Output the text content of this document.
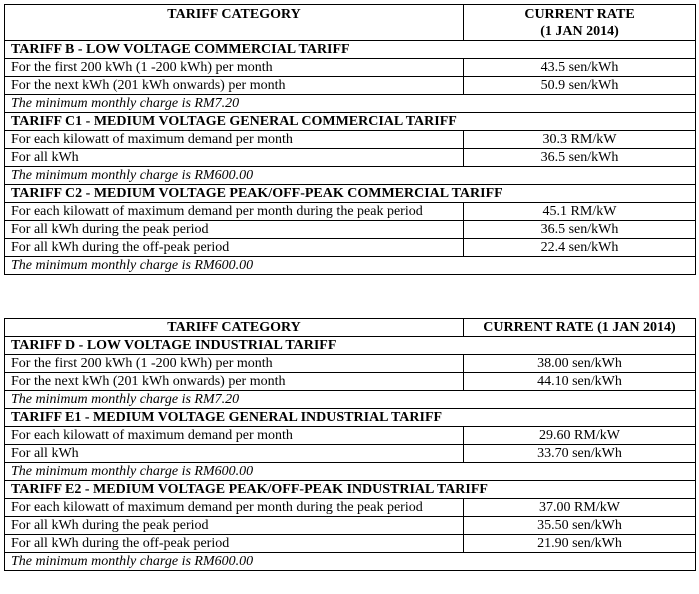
TARIFF CATEGORY	CURRENT RATE
(1 JAN 2014)

TARIFF B - LOW VOLTAGE COMMERCIAL TARIFF	
For the first 200 kWh (1 -200 kWh) per month	43.5 sen/kWh
For the next kWh (201 kWh onwards) per month	50.9 sen/kWh
The minimum monthly charge is RM7.20	
TARIFF C1 - MEDIUM VOLTAGE GENERAL COMMERCIAL TARIFF	
For each kilowatt of maximum demand per month	30.3 RM/kW
For all kWh	36.5 sen/kWh
The minimum monthly charge is RM600.00	
TARIFF C2 - MEDIUM VOLTAGE PEAK/OFF-PEAK COMMERCIAL TARIFF	
For each kilowatt of maximum demand per month during the peak period	45.1 RM/kW
For all kWh during the peak period	36.5 sen/kWh
For all kWh during the off-peak period	22.4 sen/kWh
The minimum monthly charge is RM600.00	
TARIFF CATEGORY	CURRENT RATE (1 JAN 2014)
TARIFF D - LOW VOLTAGE INDUSTRIAL TARIFF	
For the first 200 kWh (1 -200 kWh) per month	38.00 sen/kWh
For the next kWh (201 kWh onwards) per month	44.10 sen/kWh
The minimum monthly charge is RM7.20	
TARIFF E1 - MEDIUM VOLTAGE GENERAL INDUSTRIAL TARIFF	
For each kilowatt of maximum demand per month	29.60 RM/kW
For all kWh	33.70 sen/kWh
The minimum monthly charge is RM600.00	
TARIFF E2 - MEDIUM VOLTAGE PEAK/OFF-PEAK INDUSTRIAL TARIFF	
For each kilowatt of maximum demand per month during the peak period	37.00 RM/kW
For all kWh during the peak period	35.50 sen/kWh
For all kWh during the off-peak period	21.90 sen/kWh
The minimum monthly charge is RM600.00	
